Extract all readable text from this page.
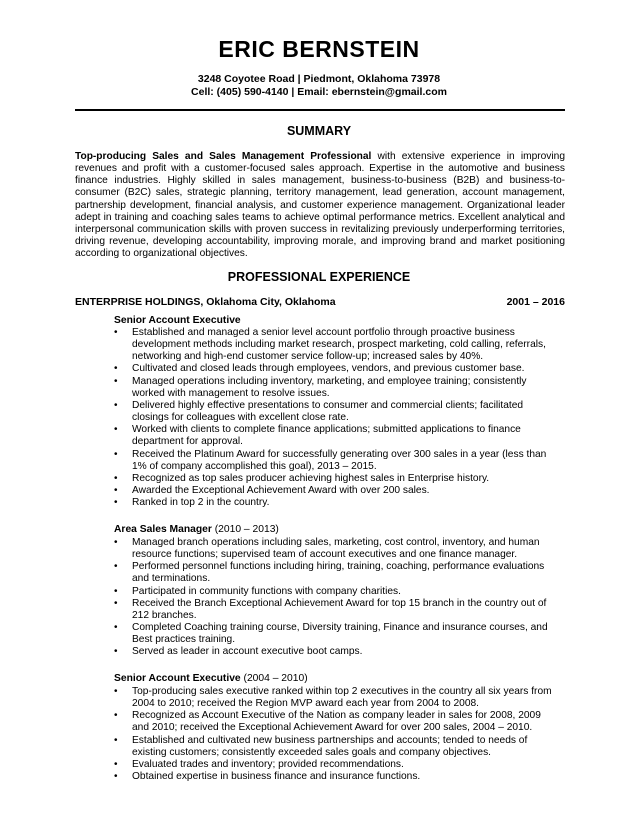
ERIC BERNSTEIN
3248 Coyotee Road | Piedmont, Oklahoma 73978
Cell: (405) 590-4140 | Email: ebernstein@gmail.com
SUMMARY
Top-producing Sales and Sales Management Professional with extensive experience in improving revenues and profit with a customer-focused sales approach. Expertise in the automotive and business finance industries. Highly skilled in sales management, business-to-business (B2B) and business-to-consumer (B2C) sales, strategic planning, territory management, lead generation, account management, partnership development, financial analysis, and customer experience management. Organizational leader adept in training and coaching sales teams to achieve optimal performance metrics. Excellent analytical and interpersonal communication skills with proven success in revitalizing previously underperforming territories, driving revenue, developing accountability, improving morale, and improving brand and market positioning according to organizational objectives.
PROFESSIONAL EXPERIENCE
ENTERPRISE HOLDINGS, Oklahoma City, Oklahoma	2001 – 2016
Senior Account Executive
• Established and managed a senior level account portfolio through proactive business development methods including market research, prospect marketing, cold calling, referrals, networking and high-end customer service follow-up; increased sales by 40%.
• Cultivated and closed leads through employees, vendors, and previous customer base.
• Managed operations including inventory, marketing, and employee training; consistently worked with management to resolve issues.
• Delivered highly effective presentations to consumer and commercial clients; facilitated closings for colleagues with excellent close rate.
• Worked with clients to complete finance applications; submitted applications to finance department for approval.
• Received the Platinum Award for successfully generating over 300 sales in a year (less than 1% of company accomplished this goal), 2013 – 2015.
• Recognized as top sales producer achieving highest sales in Enterprise history.
• Awarded the Exceptional Achievement Award with over 200 sales.
• Ranked in top 2 in the country.
Area Sales Manager (2010 – 2013)
• Managed branch operations including sales, marketing, cost control, inventory, and human resource functions; supervised team of account executives and one finance manager.
• Performed personnel functions including hiring, training, coaching, performance evaluations and terminations.
• Participated in community functions with company charities.
• Received the Branch Exceptional Achievement Award for top 15 branch in the country out of 212 branches.
• Completed Coaching training course, Diversity training, Finance and insurance courses, and Best practices training.
• Served as leader in account executive boot camps.
Senior Account Executive (2004 – 2010)
• Top-producing sales executive ranked within top 2 executives in the country all six years from 2004 to 2010; received the Region MVP award each year from 2004 to 2008.
• Recognized as Account Executive of the Nation as company leader in sales for 2008, 2009 and 2010; received the Exceptional Achievement Award for over 200 sales, 2004 – 2010.
• Established and cultivated new business partnerships and accounts; tended to needs of existing customers; consistently exceeded sales goals and company objectives.
• Evaluated trades and inventory; provided recommendations.
• Obtained expertise in business finance and insurance functions.
